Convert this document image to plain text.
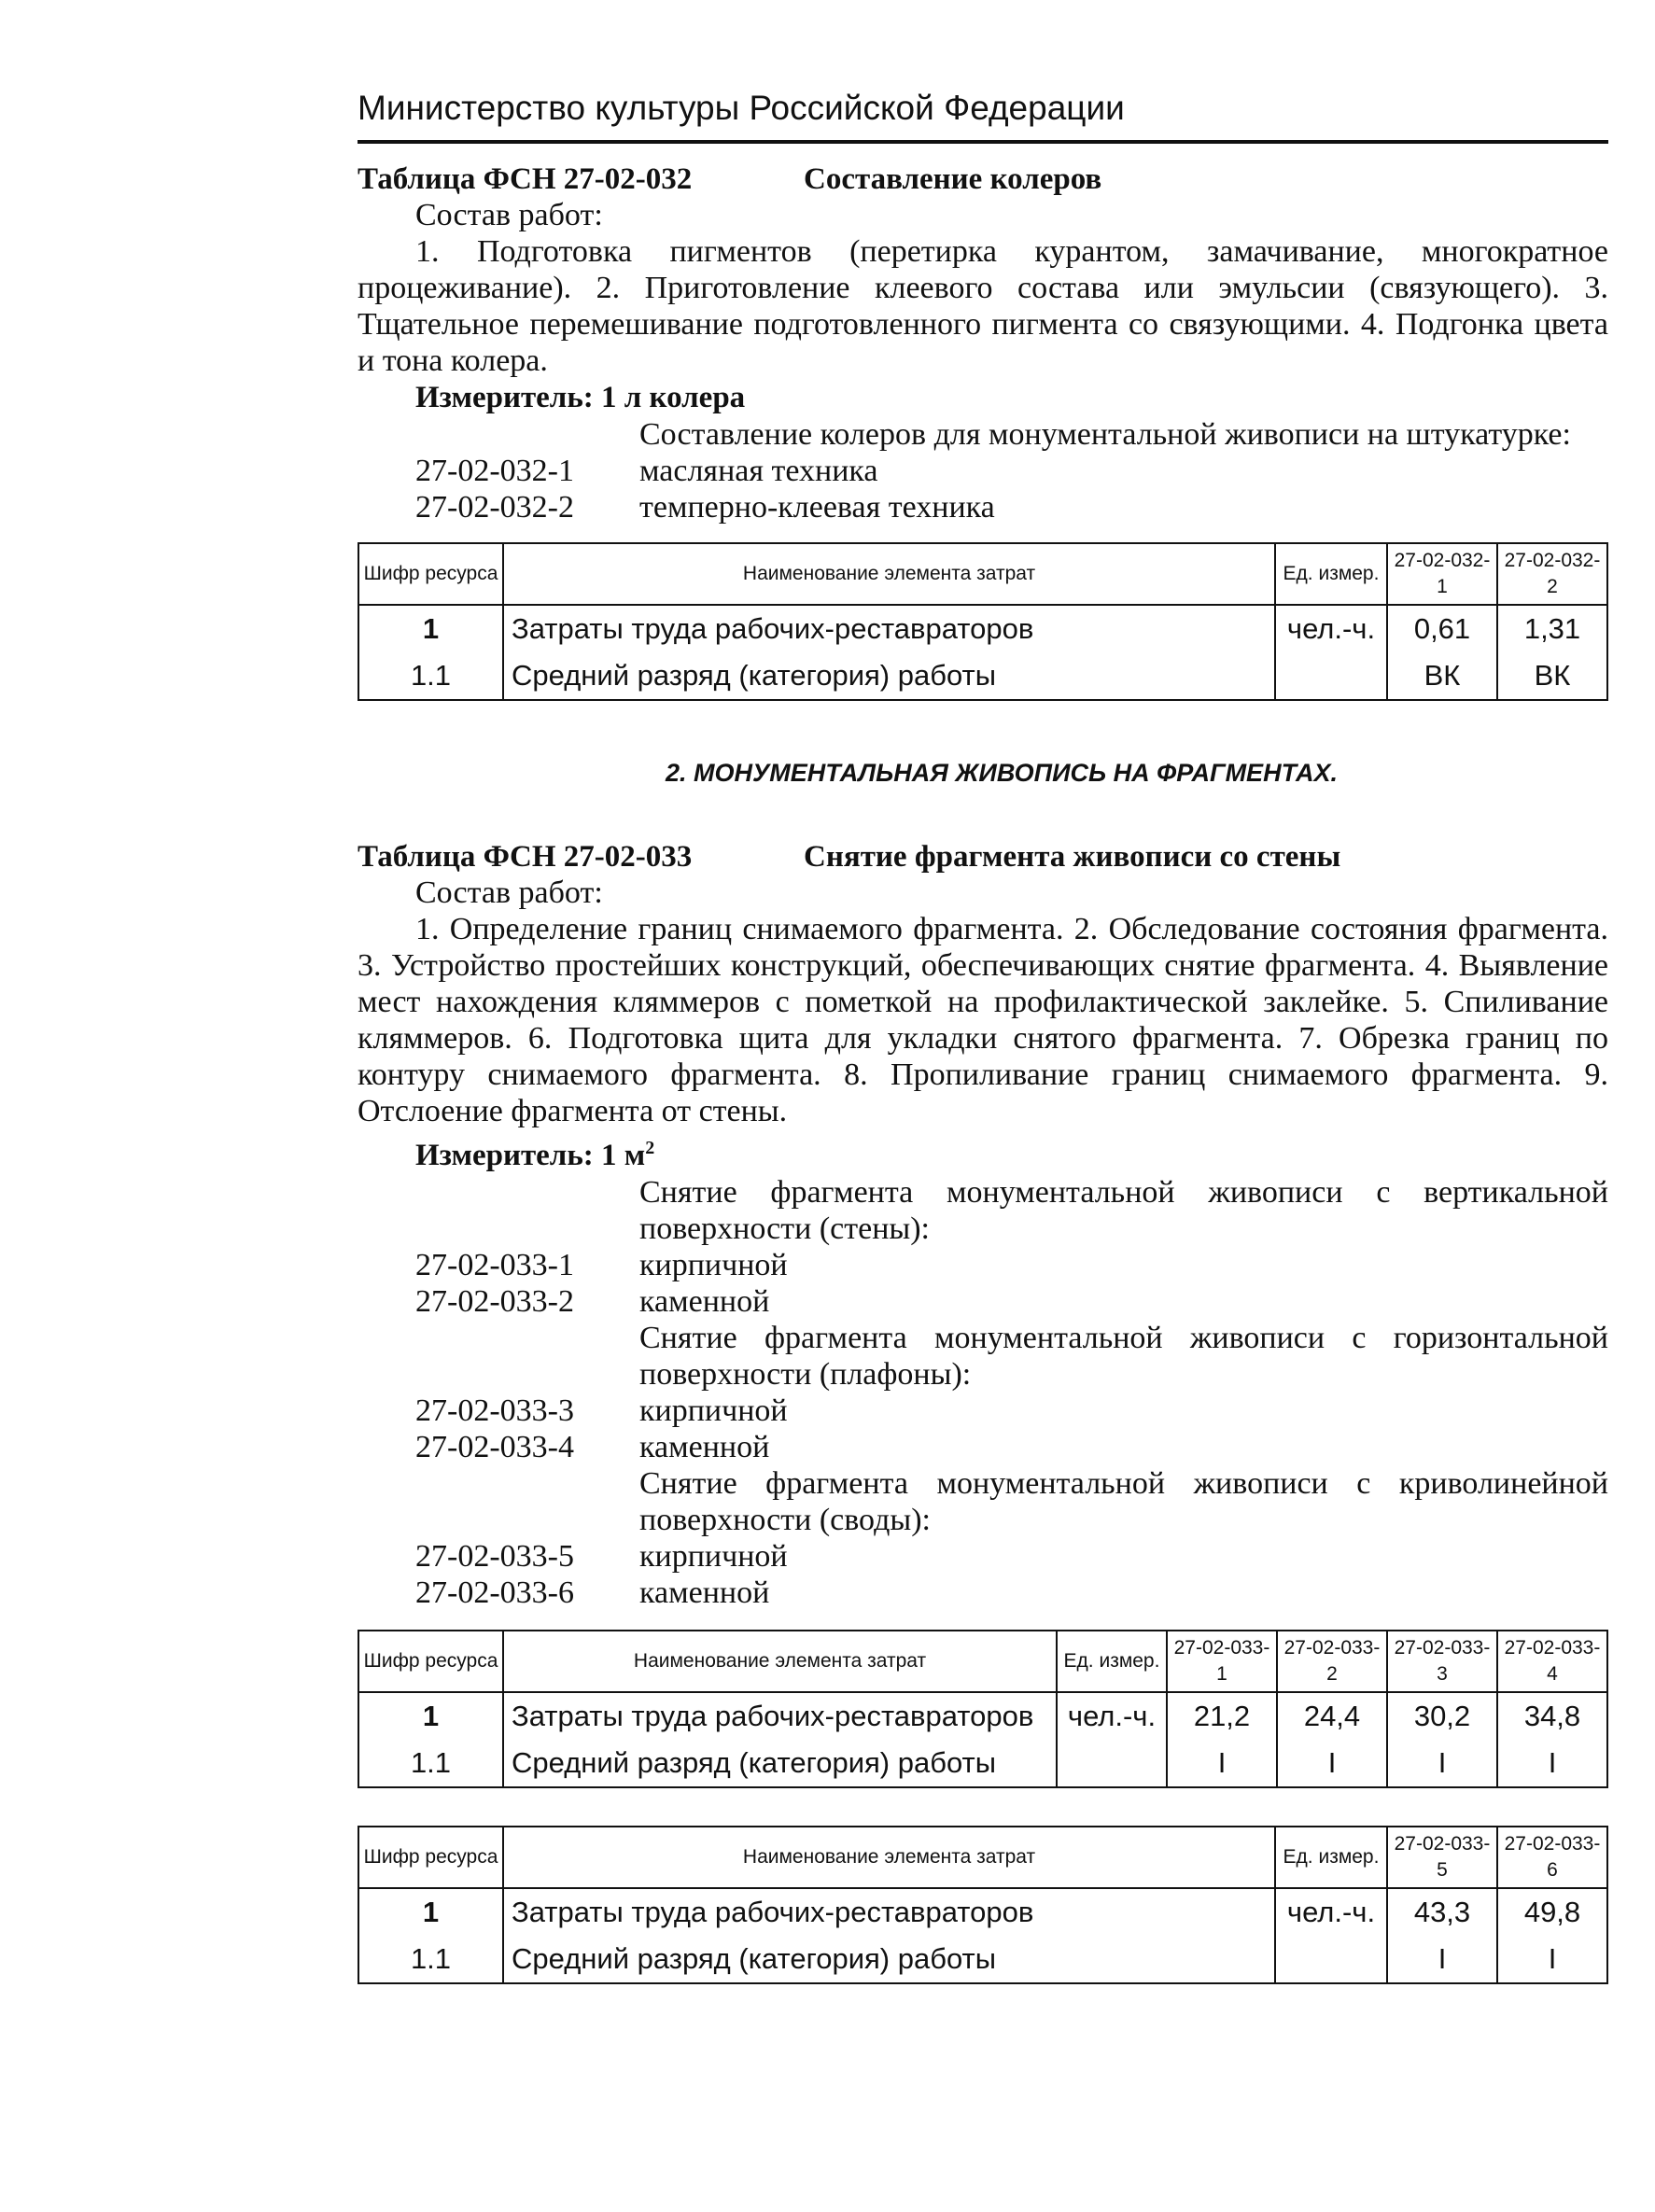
Министерство культуры Российской Федерации
Таблица ФСН 27-02-032	Составление колеров
Состав работ:
1. Подготовка пигментов (перетирка курантом, замачивание, многократное процеживание). 2. Приготовление клеевого состава или эмульсии (связующего). 3. Тщательное перемешивание подготовленного пигмента со связующими. 4. Подгонка цвета и тона колера.
Измеритель: 1 л колера
Составление колеров для монументальной живописи на штукатурке:
27-02-032-1	масляная техника
27-02-032-2	темперно-клеевая техника
Шифр ресурса	Наименование элемента затрат	Ед. измер.	27-02-032-1	27-02-032-2
1	Затраты труда рабочих-реставраторов	чел.-ч.	0,61	1,31
1.1	Средний разряд (категория) работы		ВК	ВК
2. МОНУМЕНТАЛЬНАЯ ЖИВОПИСЬ НА ФРАГМЕНТАХ.
Таблица ФСН 27-02-033	Снятие фрагмента живописи со стены
Состав работ:
1. Определение границ снимаемого фрагмента. 2. Обследование состояния фрагмента. 3. Устройство простейших конструкций, обеспечивающих снятие фрагмента. 4. Выявление мест нахождения кляммеров с пометкой на профилактической заклейке. 5. Спиливание кляммеров. 6. Подготовка щита для укладки снятого фрагмента. 7. Обрезка границ по контуру снимаемого фрагмента. 8. Пропиливание границ снимаемого фрагмента. 9. Отслоение фрагмента от стены.
Измеритель: 1 $м^2$
Снятие фрагмента монументальной живописи с вертикальной поверхности (стены):
27-02-033-1	кирпичной
27-02-033-2	каменной
Снятие фрагмента монументальной живописи с горизонтальной поверхности (плафоны):
27-02-033-3	кирпичной
27-02-033-4	каменной
Снятие фрагмента монументальной живописи с криволинейной поверхности (своды):
27-02-033-5	кирпичной
27-02-033-6	каменной
Шифр ресурса	Наименование элемента затрат	Ед. измер.	27-02-033-1	27-02-033-2	27-02-033-3	27-02-033-4
1	Затраты труда рабочих-реставраторов	чел.-ч.	21,2	24,4	30,2	34,8
1.1	Средний разряд (категория) работы		I	I	I	I
Шифр ресурса	Наименование элемента затрат	Ед. измер.	27-02-033-5	27-02-033-6
1	Затраты труда рабочих-реставраторов	чел.-ч.	43,3	49,8
1.1	Средний разряд (категория) работы		I	I
